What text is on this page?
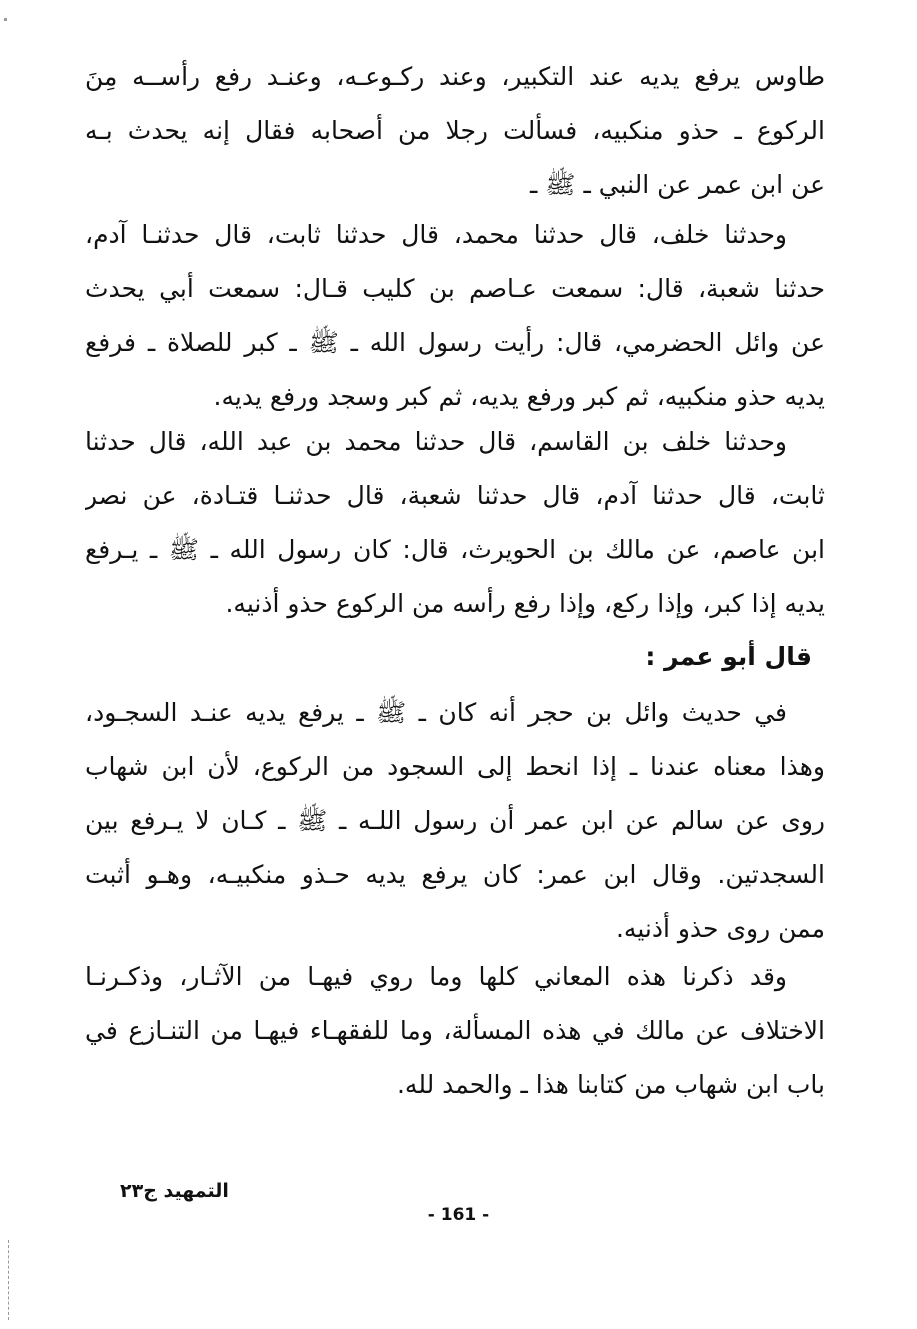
طاوس يرفع يديه عند التكبير، وعند ركـوعـه، وعنـد رفع رأســه مِنَ
الركوع ـ حذو منكبيه، فسألت رجلا من أصحابه فقال إنه يحدث بـه
عن ابن عمر عن النبي ـ ﷺ ـ
وحدثنا خلف، قال حدثنا محمد، قال حدثنا ثابت، قال حدثنـا آدم،
حدثنا شعبة، قال: سمعت عـاصم بن كليب قـال: سمعت أبي يحدث
عن وائل الحضرمي، قال: رأيت رسول الله ـ ﷺ ـ كبر للصلاة ـ فرفع
يديه حذو منكبيه، ثم كبر ورفع يديه، ثم كبر وسجد ورفع يديه.
وحدثنا خلف بن القاسم، قال حدثنا محمد بن عبد الله، قال حدثنا
ثابت، قال حدثنا آدم، قال حدثنا شعبة، قال حدثنـا قتـادة، عن نصر
ابن عاصم، عن مالك بن الحويرث، قال: كان رسول الله ـ ﷺ ـ يـرفع
يديه إذا كبر، وإذا ركع، وإذا رفع رأسه من الركوع حذو أذنيه.
قال أبو عمر :
في حديث وائل بن حجر أنه كان ـ ﷺ ـ يرفع يديه عنـد السجـود،
وهذا معناه عندنا ـ إذا انحط إلى السجود من الركوع، لأن ابن شهاب
روى عن سالم عن ابن عمر أن رسول اللـه ـ ﷺ ـ كـان لا يـرفع بين
السجدتين. وقال ابن عمر: كان يرفع يديه حـذو منكبيـه، وهـو أثبت
ممن روى حذو أذنيه.
وقد ذكرنا هذه المعاني كلها وما روي فيهـا من الآثـار، وذكـرنـا
الاختلاف عن مالك في هذه المسألة، وما للفقهـاء فيهـا من التنـازع في
باب ابن شهاب من كتابنا هذا ـ والحمد لله.
التمهيد ج٢٣
- 161 -
